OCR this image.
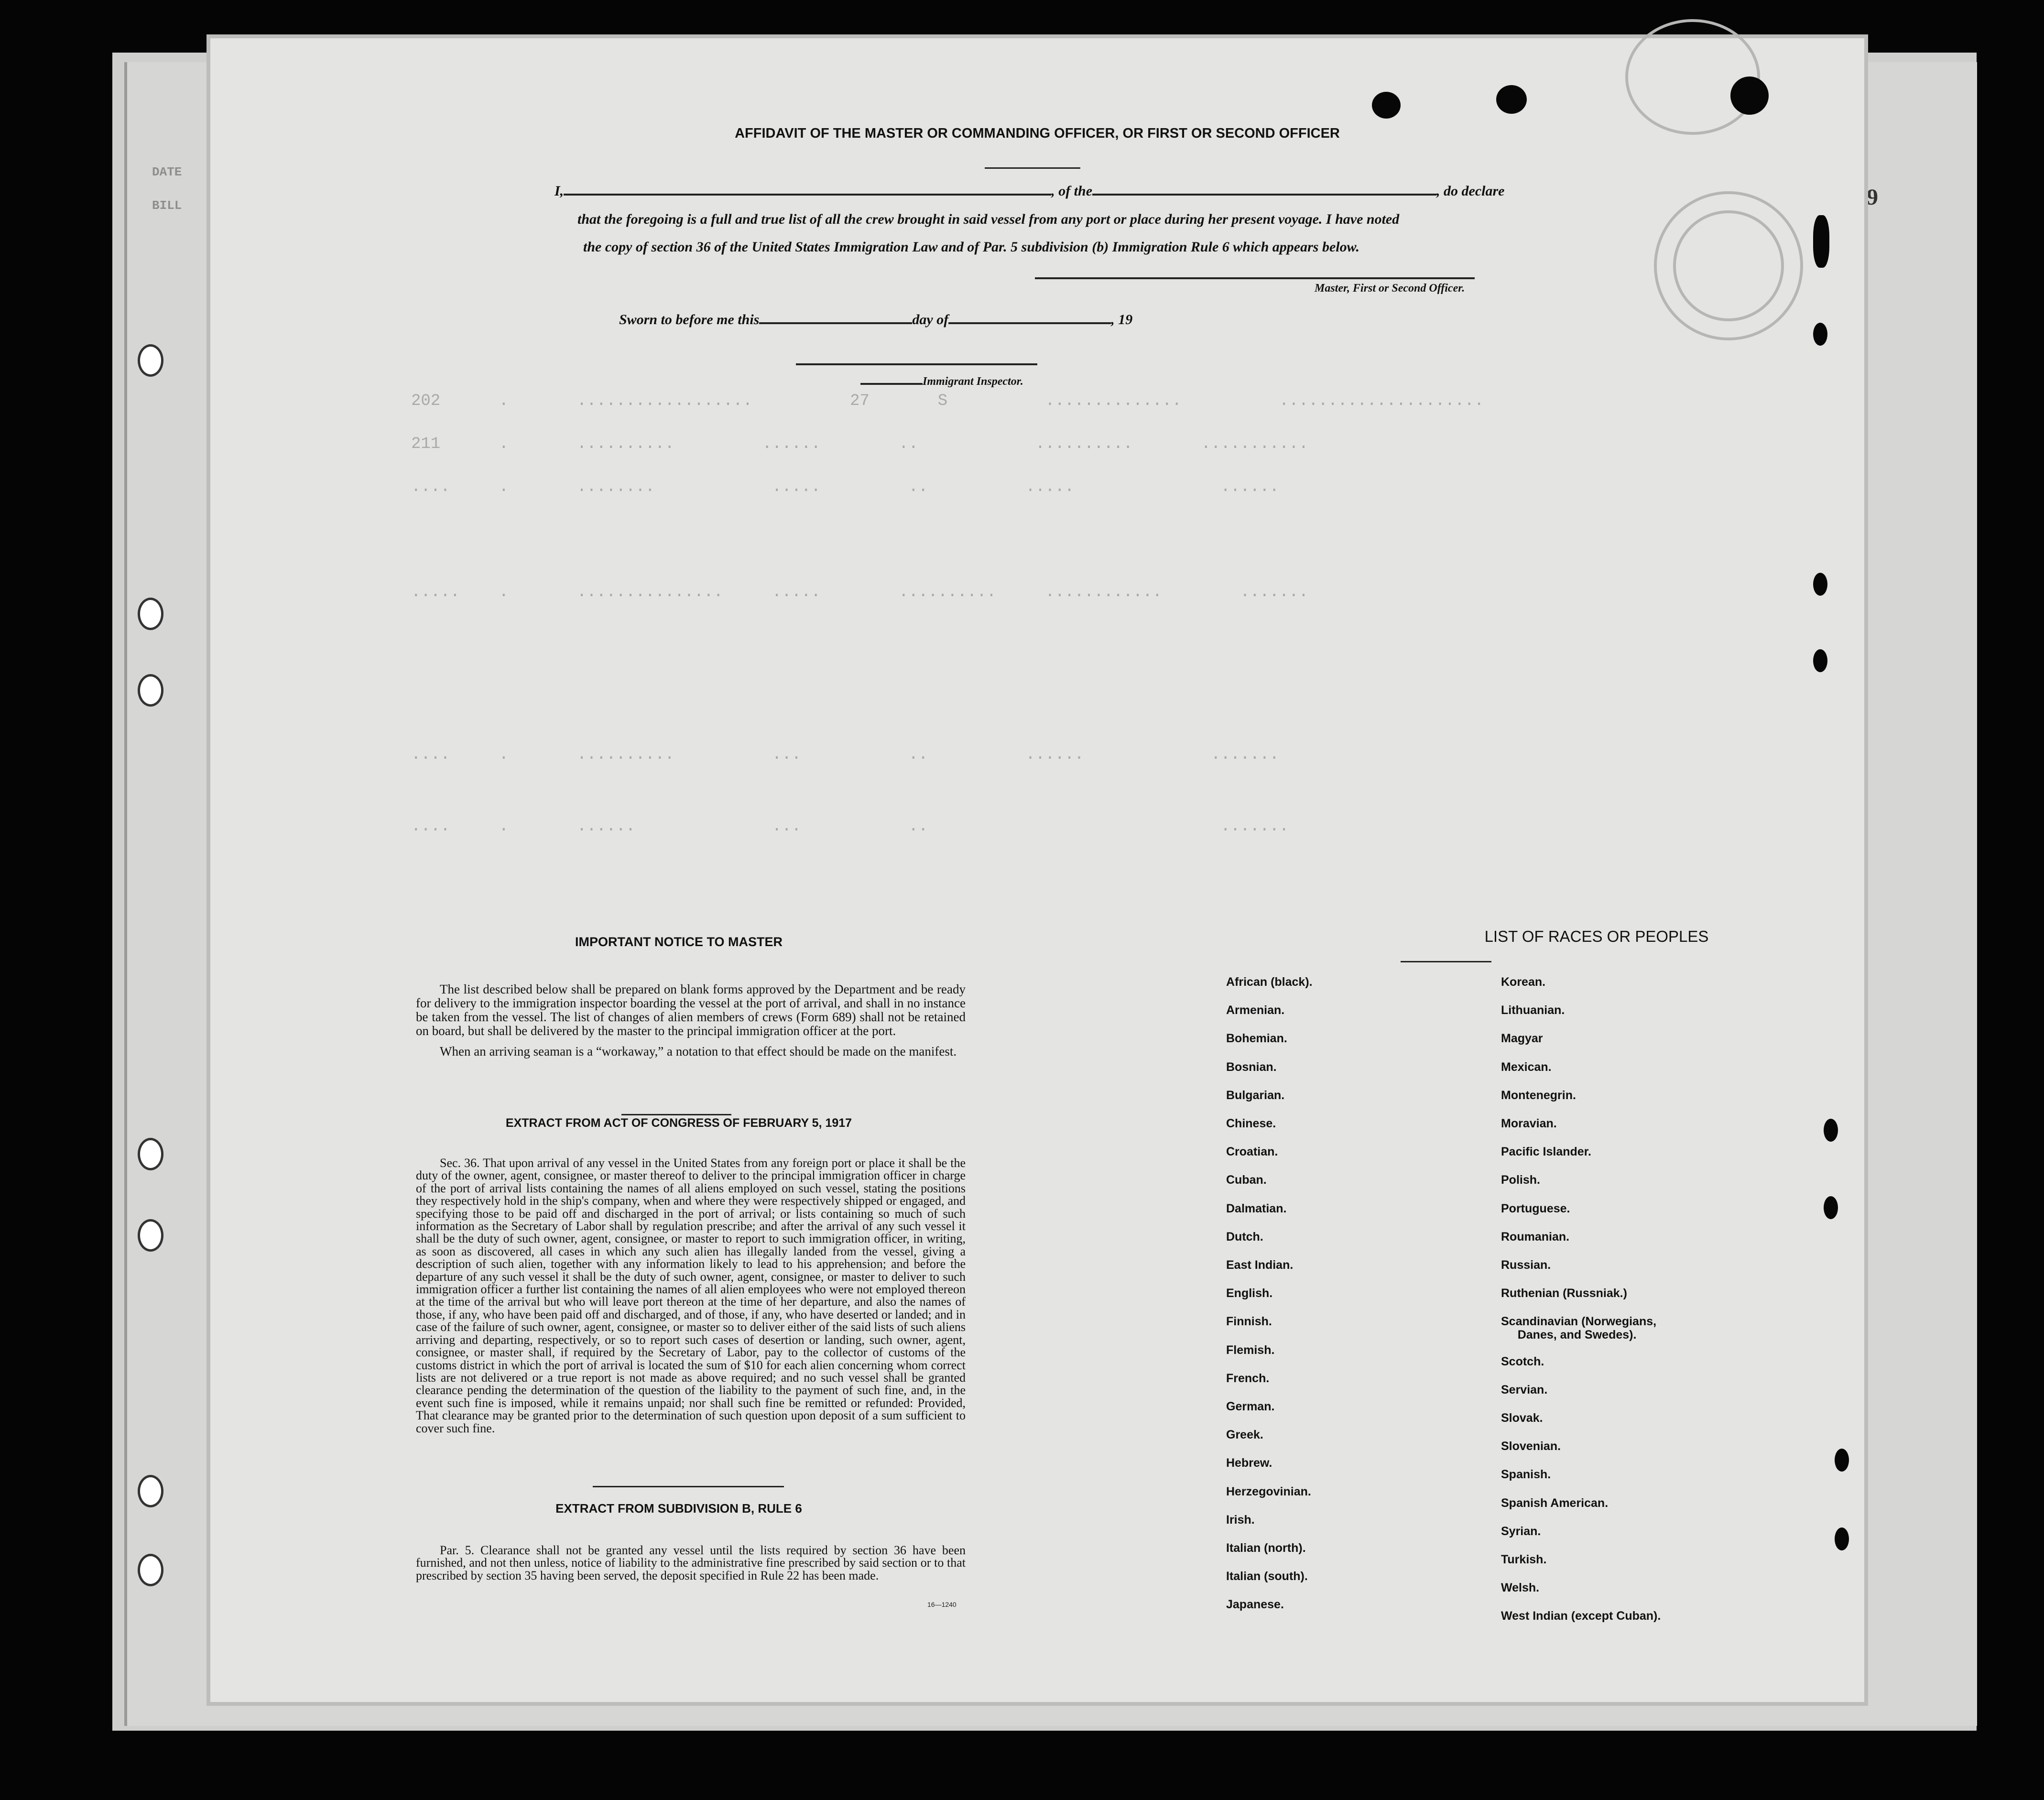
DATE
BILL	9
202      .       ..................          27       S          ..............          .....................
211      .       ..........         ......        ..            ..........       ...........
....     .       ........            .....         ..          .....               ......
.....    .       ...............     .....        ..........     ............        .......
....     .       ..........          ...           ..          ......             .......
....     .       ......              ...           ..                              .......
AFFIDAVIT OF THE MASTER OR COMMANDING OFFICER, OR FIRST OR SECOND OFFICER
I,	, of the	, do declare
that the foregoing is a full and true list of all the crew brought in said vessel from any port or place during her present voyage. I have noted
the copy of section 36 of the United States Immigration Law and of Par. 5 subdivision (b) Immigration Rule 6 which appears below.
Master, First or Second Officer.
Sworn to before me this	day of	, 19
Immigrant Inspector.
IMPORTANT NOTICE TO MASTER

The list described below shall be prepared on blank forms approved by the Department and be ready for delivery to the immigration inspector boarding the vessel at the port of arrival, and shall in no instance be taken from the vessel. The list of changes of alien members of crews (Form 689) shall not be retained on board, but shall be delivered by the master to the principal immigration officer at the port.

When an arriving seaman is a “workaway,” a notation to that effect should be made on the manifest.

EXTRACT FROM ACT OF CONGRESS OF FEBRUARY 5, 1917

Sec. 36. That upon arrival of any vessel in the United States from any foreign port or place it shall be the duty of the owner, agent, consignee, or master thereof to deliver to the principal immigration officer in charge of the port of arrival lists containing the names of all aliens employed on such vessel, stating the positions they respectively hold in the ship's company, when and where they were respectively shipped or engaged, and specifying those to be paid off and discharged in the port of arrival; or lists containing so much of such information as the Secretary of Labor shall by regulation prescribe; and after the arrival of any such vessel it shall be the duty of such owner, agent, consignee, or master to report to such immigration officer, in writing, as soon as discovered, all cases in which any such alien has illegally landed from the vessel, giving a description of such alien, together with any information likely to lead to his apprehension; and before the departure of any such vessel it shall be the duty of such owner, agent, consignee, or master to deliver to such immigration officer a further list containing the names of all alien employees who were not employed thereon at the time of the arrival but who will leave port thereon at the time of her departure, and also the names of those, if any, who have been paid off and discharged, and of those, if any, who have deserted or landed; and in case of the failure of such owner, agent, consignee, or master so to deliver either of the said lists of such aliens arriving and departing, respectively, or so to report such cases of desertion or landing, such owner, agent, consignee, or master shall, if required by the Secretary of Labor, pay to the collector of customs of the customs district in which the port of arrival is located the sum of $10 for each alien concerning whom correct lists are not delivered or a true report is not made as above required; and no such vessel shall be granted clearance pending the determination of the question of the liability to the payment of such fine, and, in the event such fine is imposed, while it remains unpaid; nor shall such fine be remitted or refunded: Provided, That clearance may be granted prior to the determination of such question upon deposit of a sum sufficient to cover such fine.

EXTRACT FROM SUBDIVISION B, RULE 6

Par. 5. Clearance shall not be granted any vessel until the lists required by section 36 have been furnished, and not then unless, notice of liability to the administrative fine prescribed by said section or to that prescribed by section 35 having been served, the deposit specified in Rule 22 has been made.

16—1240
LIST OF RACES OR PEOPLES
African (black).
Armenian.
Bohemian.
Bosnian.
Bulgarian.
Chinese.
Croatian.
Cuban.
Dalmatian.
Dutch.
East Indian.
English.
Finnish.
Flemish.
French.
German.
Greek.
Hebrew.
Herzegovinian.
Irish.
Italian (north).
Italian (south).
Japanese.
Korean.
Lithuanian.
Magyar
Mexican.
Montenegrin.
Moravian.
Pacific Islander.
Polish.
Portuguese.
Roumanian.
Russian.
Ruthenian (Russniak.)
Scandinavian (Norwegians,
Danes, and Swedes).
Scotch.
Servian.
Slovak.
Slovenian.
Spanish.
Spanish American.
Syrian.
Turkish.
Welsh.
West Indian (except Cuban).
